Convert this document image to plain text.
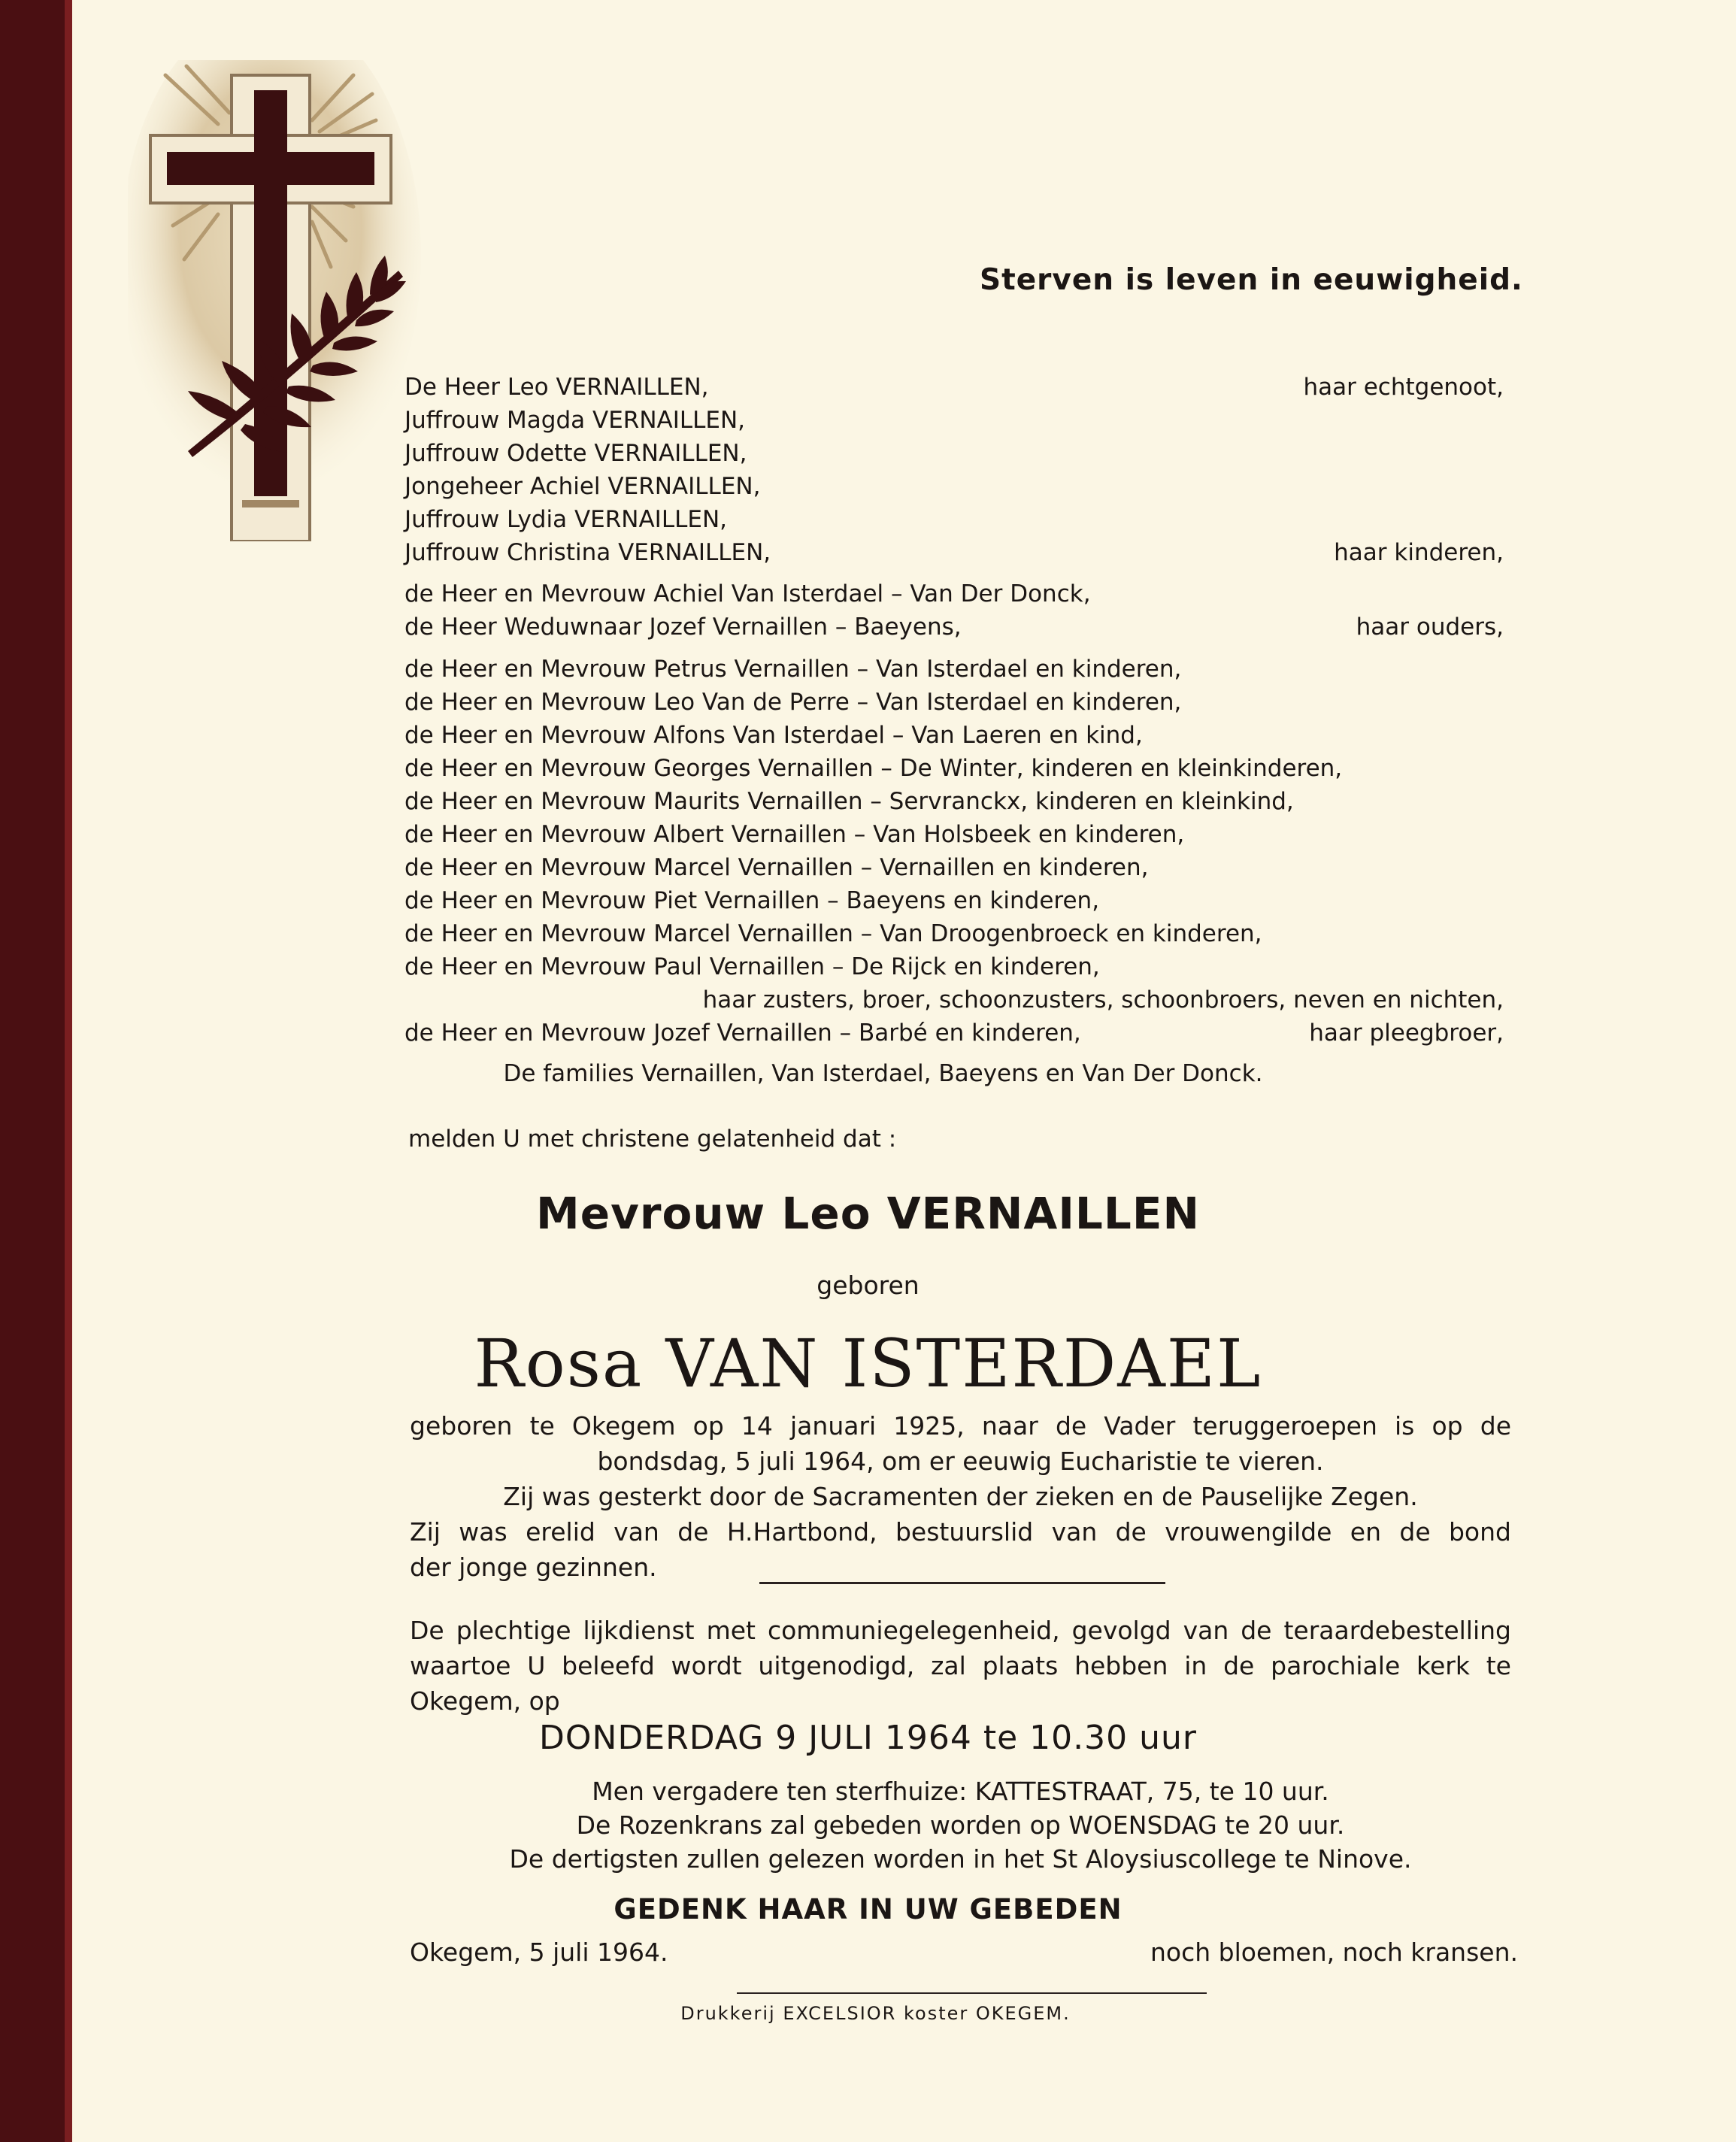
Sterven is leven in eeuwigheid.
De Heer Leo VERNAILLEN,	haar echtgenoot,
Juffrouw Magda VERNAILLEN,
Juffrouw Odette VERNAILLEN,
Jongeheer Achiel VERNAILLEN,
Juffrouw Lydia VERNAILLEN,
Juffrouw Christina VERNAILLEN,	haar kinderen,
de Heer en Mevrouw Achiel Van Isterdael – Van Der Donck,
de Heer Weduwnaar Jozef Vernaillen – Baeyens,	haar ouders,
de Heer en Mevrouw Petrus Vernaillen – Van Isterdael en kinderen,
de Heer en Mevrouw Leo Van de Perre – Van Isterdael en kinderen,
de Heer en Mevrouw Alfons Van Isterdael – Van Laeren en kind,
de Heer en Mevrouw Georges Vernaillen – De Winter, kinderen en kleinkinderen,
de Heer en Mevrouw Maurits Vernaillen – Servranckx, kinderen en kleinkind,
de Heer en Mevrouw Albert Vernaillen – Van Holsbeek en kinderen,
de Heer en Mevrouw Marcel Vernaillen – Vernaillen en kinderen,
de Heer en Mevrouw Piet Vernaillen – Baeyens en kinderen,
de Heer en Mevrouw Marcel Vernaillen – Van Droogenbroeck en kinderen,
de Heer en Mevrouw Paul Vernaillen – De Rijck en kinderen,
haar zusters, broer, schoonzusters, schoonbroers, neven en nichten,
de Heer en Mevrouw Jozef Vernaillen – Barbé en kinderen,	haar pleegbroer,
De families Vernaillen, Van Isterdael, Baeyens en Van Der Donck.
melden U met christene gelatenheid dat :
Mevrouw Leo VERNAILLEN
geboren
Rosa VAN ISTERDAEL
geboren te Okegem op 14 januari 1925, naar de Vader teruggeroepen is op de
bondsdag, 5 juli 1964, om er eeuwig Eucharistie te vieren.
Zij was gesterkt door de Sacramenten der zieken en de Pauselijke Zegen.
Zij was erelid van de H.Hartbond, bestuurslid van de vrouwengilde en de bond
der jonge gezinnen.
De plechtige lijkdienst met communiegelegenheid, gevolgd van de teraardebestelling
waartoe U beleefd wordt uitgenodigd, zal plaats hebben in de parochiale kerk te
Okegem, op
DONDERDAG 9 JULI 1964 te 10.30 uur
Men vergadere ten sterfhuize: KATTESTRAAT, 75, te 10 uur.
De Rozenkrans zal gebeden worden op WOENSDAG te 20 uur.
De dertigsten zullen gelezen worden in het St Aloysiuscollege te Ninove.
GEDENK HAAR IN UW GEBEDEN
Okegem, 5 juli 1964.	noch bloemen, noch kransen.
Drukkerij EXCELSIOR koster OKEGEM.
